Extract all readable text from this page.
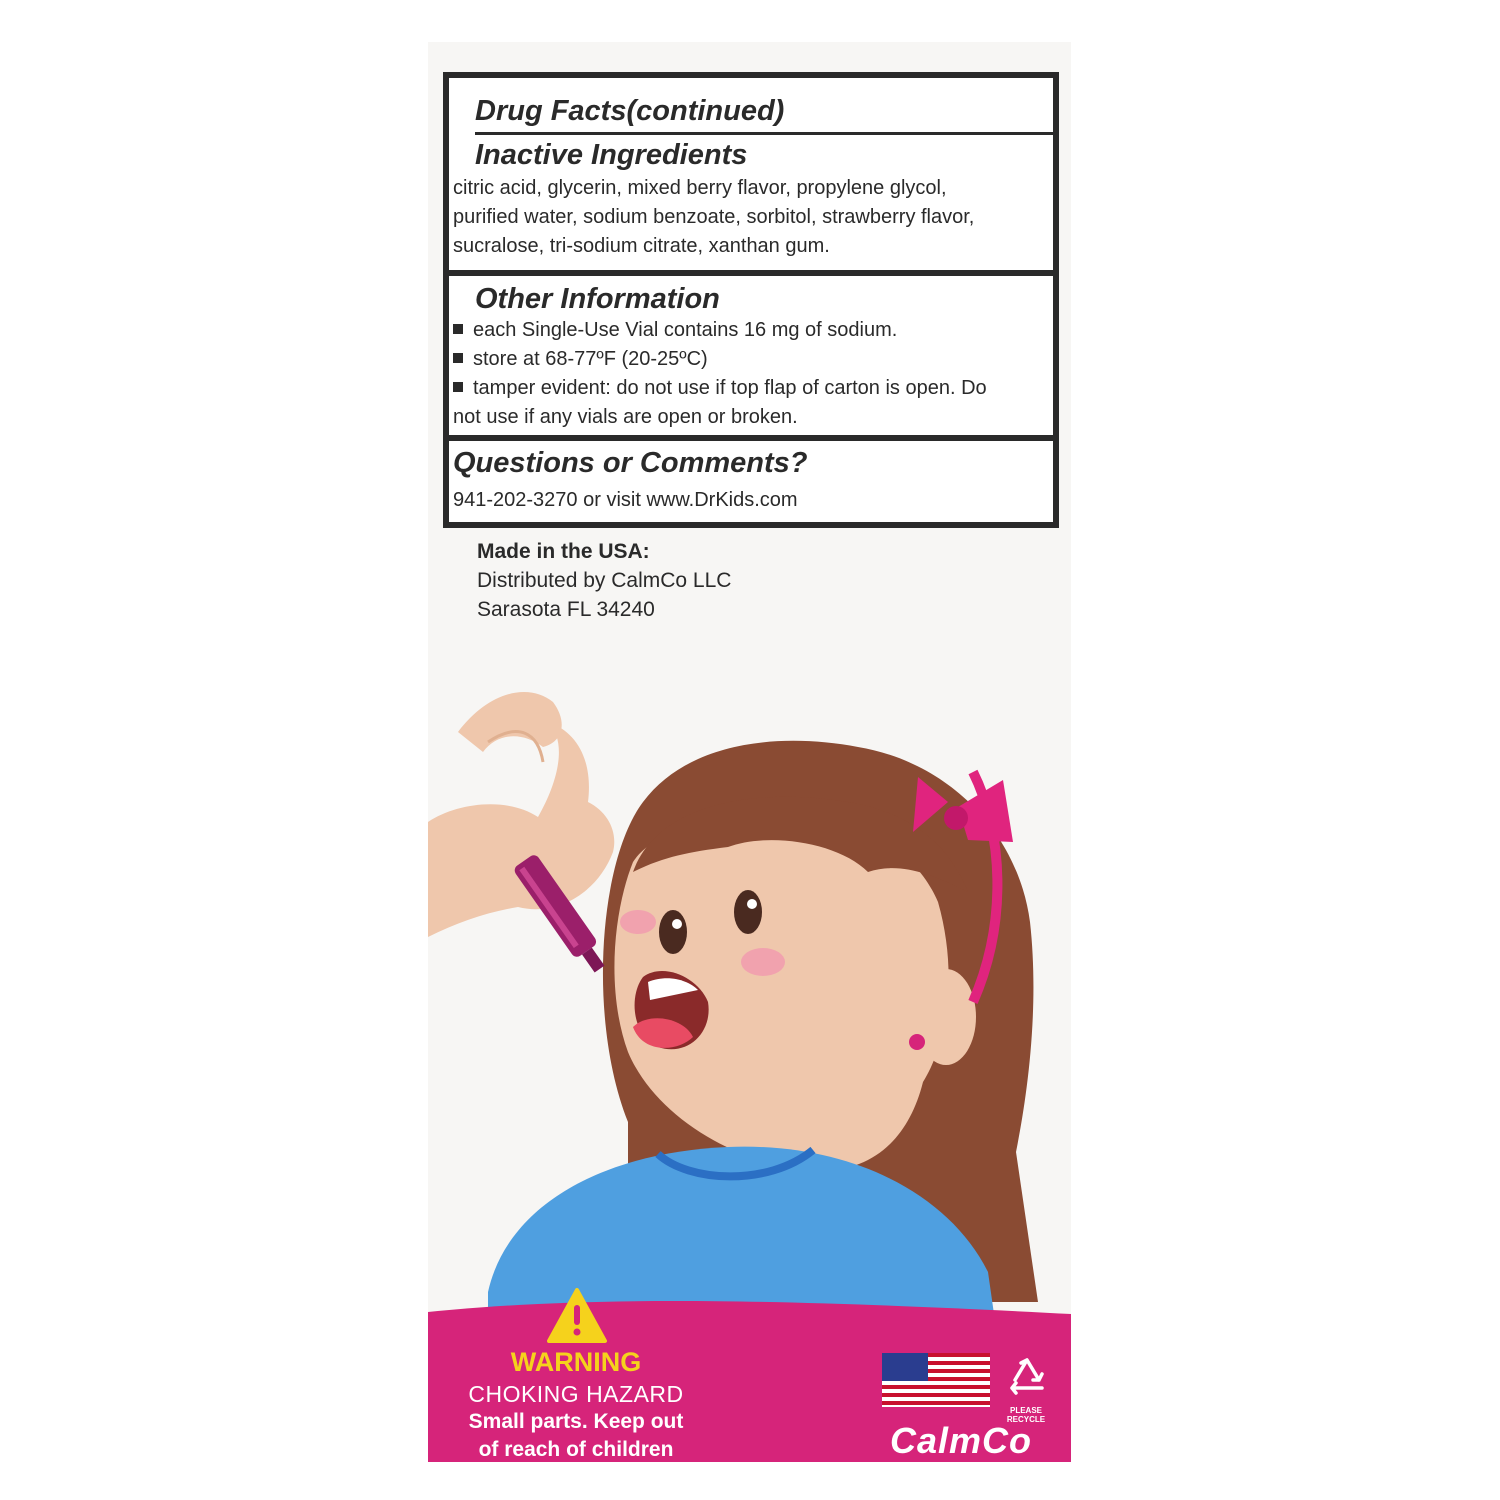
Drug Facts(continued)
Inactive Ingredients
citric acid, glycerin, mixed berry flavor, propylene glycol,
purified water, sodium benzoate, sorbitol, strawberry flavor,
sucralose, tri-sodium citrate, xanthan gum.
Other Information
each Single-Use Vial contains 16 mg of sodium.
store at 68-77ºF (20-25ºC)
tamper evident: do not use if top flap of carton is open. Do
not use if any vials are open or broken.
Questions or Comments?
941-202-3270 or visit www.DrKids.com
Made in the USA:
Distributed by CalmCo LLC
Sarasota FL 34240
WARNING
CHOKING HAZARD
Small parts. Keep out
of reach of children
PLEASE
RECYCLE
CalmCo
